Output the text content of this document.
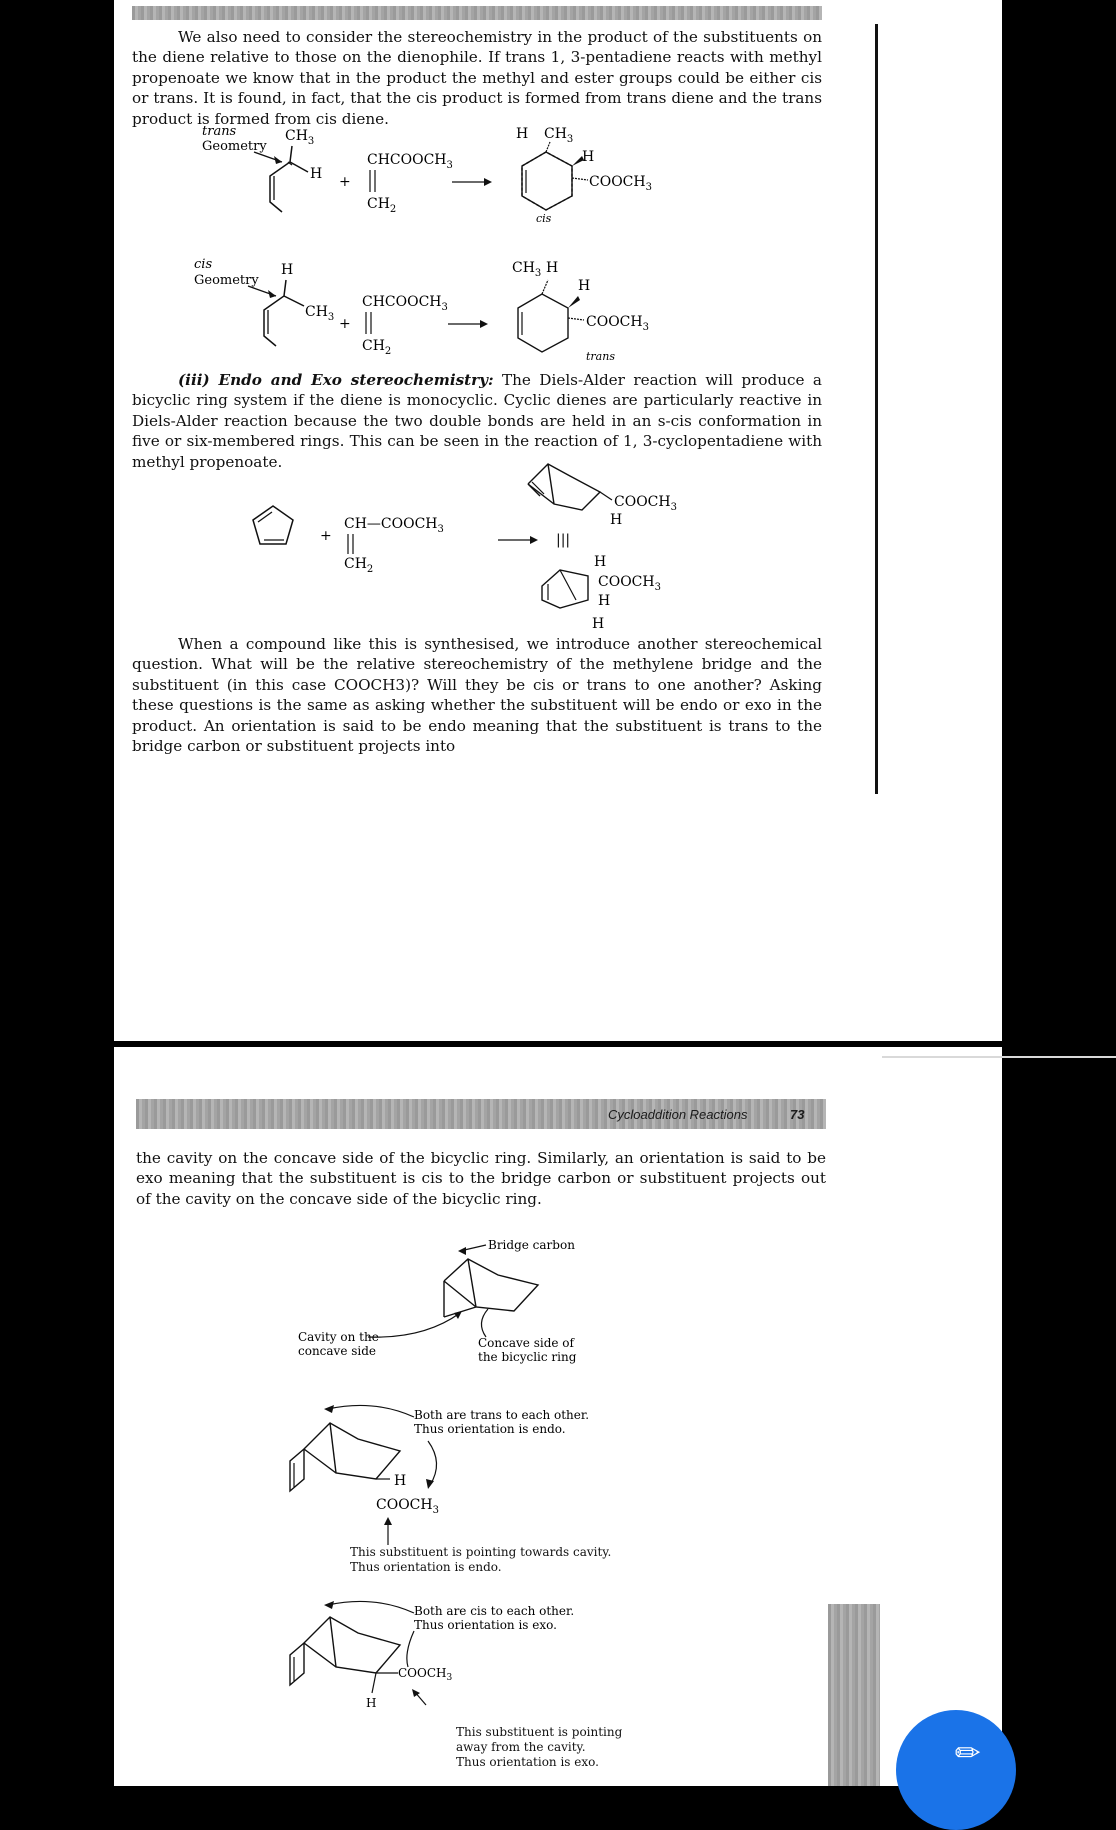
We also need to consider the stereochemistry in the product of the substituents on the diene relative to those on the dienophile. If trans 1, 3-pentadiene reacts with methyl propenoate we know that in the product the methyl and ester groups could be either cis or trans. It is found, in fact, that the cis product is formed from trans diene and the trans product is formed from cis diene.

trans
Geometry
$CH_3$
H +
$CHCOOCH_3$
$CH_2$
H $CH_3$
H
$COOCH_3$
cis
cis
Geometry
H
$CH_3$ +
$CHCOOCH_3$
$CH_2$
$CH_3$ H
H
$COOCH_3$
trans

(iii) Endo and Exo stereochemistry: The Diels-Alder reaction will produce a bicyclic ring system if the diene is monocyclic. Cyclic dienes are particularly reactive in Diels-Alder reaction because the two double bonds are held in an s-cis conformation in five or six-membered rings. This can be seen in the reaction of 1, 3-cyclopentadiene with methyl propenoate.

+
$CH—COOCH_3$
$CH_2$
$COOCH_3$
H
|||
H
$COOCH_3$
H
H

When a compound like this is synthesised, we introduce another stereochemical question. What will be the relative stereochemistry of the methylene bridge and the substituent (in this case COOCH3)? Will they be cis or trans to one another? Asking these questions is the same as asking whether the substituent will be endo or exo in the product. An orientation is said to be endo meaning that the substituent is trans to the bridge carbon or substituent projects into

Cycloaddition Reactions	73

the cavity on the concave side of the bicyclic ring. Similarly, an orientation is said to be exo meaning that the substituent is cis to the bridge carbon or substituent projects out of the cavity on the concave side of the bicyclic ring.

Bridge carbon
Cavity on the
concave side
Concave side of
the bicyclic ring
Both are trans to each other.
Thus orientation is endo.
H
$COOCH_3$

This substituent is pointing towards cavity.

Thus orientation is endo.

Both are cis to each other.
Thus orientation is exo.
$COOCH_3$
H

This substituent is pointing

away from the cavity.

Thus orientation is exo.	✎
